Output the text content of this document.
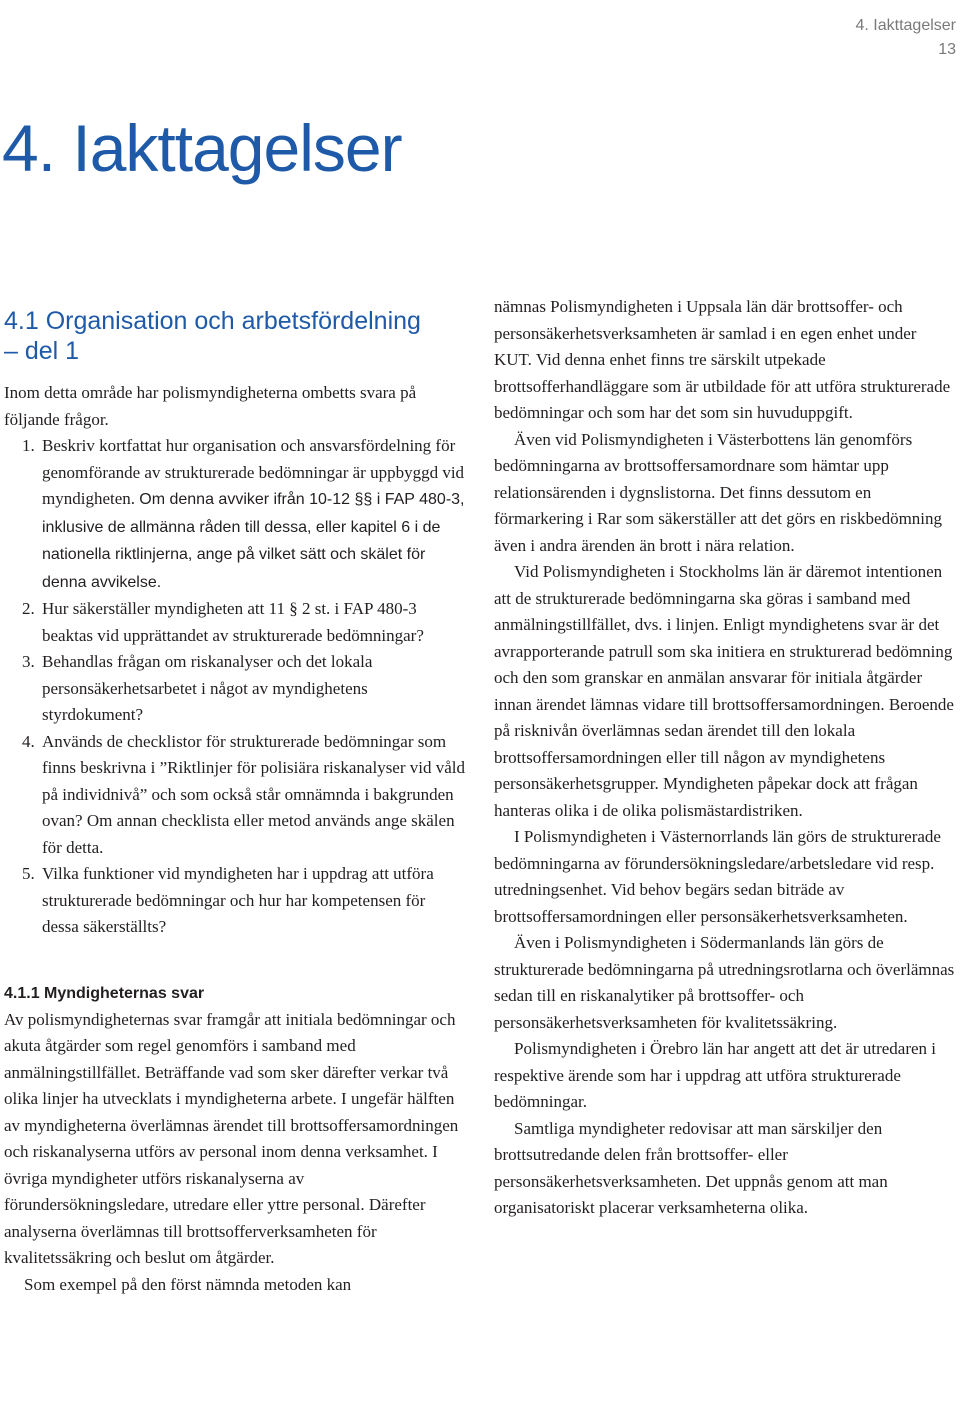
4. Iakttagelser
13
4. Iakttagelser
4.1 Organisation och arbetsfördelning
– del 1

Inom detta område har polismyndigheterna ombetts svara på följande frågor.

1. Beskriv kortfattat hur organisation och ansvarsfördelning för genomförande av strukturerade bedömningar är uppbyggd vid myndigheten. Om denna avviker ifrån 10-12 §§ i FAP 480-3, inklusive de allmänna råden till dessa, eller kapitel 6 i de nationella riktlinjerna, ange på vilket sätt och skälet för denna avvikelse.
2. Hur säkerställer myndigheten att 11 § 2 st. i FAP 480-3 beaktas vid upprättandet av strukturerade bedömningar?
3. Behandlas frågan om riskanalyser och det lokala personsäkerhetsarbetet i något av myndighetens styrdokument?
4. Används de checklistor för strukturerade bedömningar som finns beskrivna i ”Riktlinjer för polisiära riskanalyser vid våld på individnivå” och som också står omnämnda i bakgrunden ovan? Om annan checklista eller metod används ange skälen för detta.
5. Vilka funktioner vid myndigheten har i uppdrag att utföra strukturerade bedömningar och hur har kompetensen för dessa säkerställts?
4.1.1 Myndigheternas svar

Av polismyndigheternas svar framgår att initiala bedömningar och akuta åtgärder som regel genomförs i samband med anmälningstillfället. Beträffande vad som sker därefter verkar två olika linjer ha utvecklats i myndigheterna arbete. I ungefär hälften av myndigheterna överlämnas ärendet till brottsoffersamordningen och riskanalyserna utförs av personal inom denna verksamhet. I övriga myndigheter utförs riskanalyserna av förundersökningsledare, utredare eller yttre personal. Därefter analyserna överlämnas till brottsofferverksamheten för kvalitetssäkring och beslut om åtgärder.

Som exempel på den först nämnda metoden kan

nämnas Polismyndigheten i Uppsala län där brottsoffer- och personsäkerhetsverksamheten är samlad i en egen enhet under KUT. Vid denna enhet finns tre särskilt utpekade brottsofferhandläggare som är utbildade för att utföra strukturerade bedömningar och som har det som sin huvuduppgift.

Även vid Polismyndigheten i Västerbottens län genomförs bedömningarna av brottsoffersamordnare som hämtar upp relationsärenden i dygnslistorna. Det finns dessutom en förmarkering i Rar som säkerställer att det görs en riskbedömning även i andra ärenden än brott i nära relation.

Vid Polismyndigheten i Stockholms län är däremot intentionen att de strukturerade bedömningarna ska göras i samband med anmälningstillfället, dvs. i linjen. Enligt myndighetens svar är det avrapporterande patrull som ska initiera en strukturerad bedömning och den som granskar en anmälan ansvarar för initiala åtgärder innan ärendet lämnas vidare till brottsoffersamordningen. Beroende på risknivån överlämnas sedan ärendet till den lokala brottsoffersamordningen eller till någon av myndighetens personsäkerhetsgrupper. Myndigheten påpekar dock att frågan hanteras olika i de olika polismästardistriken.

I Polismyndigheten i Västernorrlands län görs de strukturerade bedömningarna av förundersökningsledare/arbetsledare vid resp. utredningsenhet. Vid behov begärs sedan biträde av brottsoffersamordningen eller personsäkerhetsverksamheten.

Även i Polismyndigheten i Södermanlands län görs de strukturerade bedömningarna på utredningsrotlarna och överlämnas sedan till en riskanalytiker på brottsoffer- och personsäkerhetsverksamheten för kvalitetssäkring.

Polismyndigheten i Örebro län har angett att det är utredaren i respektive ärende som har i uppdrag att utföra strukturerade bedömningar.

Samtliga myndigheter redovisar att man särskiljer den brottsutredande delen från brottsoffer- eller personsäkerhetsverksamheten. Det uppnås genom att man organisatoriskt placerar verksamheterna olika.
